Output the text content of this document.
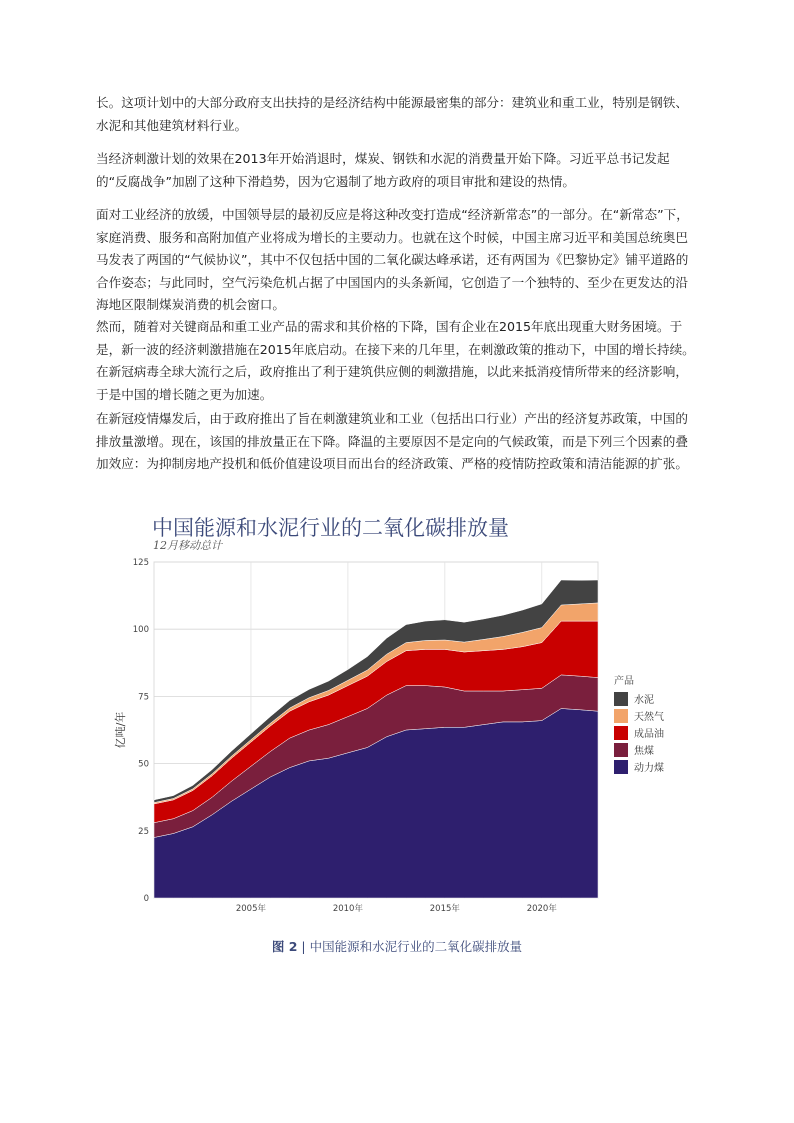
长。这项计划中的大部分政府支出扶持的是经济结构中能源最密集的部分：建筑业和重工业，特别是钢铁、水泥和其他建筑材料行业。

当经济刺激计划的效果在2013年开始消退时，煤炭、钢铁和水泥的消费量开始下降。习近平总书记发起的“反腐战争”加剧了这种下滑趋势，因为它遏制了地方政府的项目审批和建设的热情。

面对工业经济的放缓，中国领导层的最初反应是将这种改变打造成“经济新常态”的一部分。在“新常态”下，家庭消费、服务和高附加值产业将成为增长的主要动力。也就在这个时候，中国主席习近平和美国总统奥巴马发表了两国的“气候协议”，其中不仅包括中国的二氧化碳达峰承诺，还有两国为《巴黎协定》铺平道路的合作姿态；与此同时，空气污染危机占据了中国国内的头条新闻，它创造了一个独特的、至少在更发达的沿海地区限制煤炭消费的机会窗口。

然而，随着对关键商品和重工业产品的需求和其价格的下降，国有企业在2015年底出现重大财务困境。于是，新一波的经济刺激措施在2015年底启动。在接下来的几年里，在刺激政策的推动下，中国的增长持续。在新冠病毒全球大流行之后，政府推出了利于建筑供应侧的刺激措施，以此来抵消疫情所带来的经济影响，于是中国的增长随之更为加速。

在新冠疫情爆发后，由于政府推出了旨在刺激建筑业和工业（包括出口行业）产出的经济复苏政策，中国的排放量激增。现在，该国的排放量正在下降。降温的主要原因不是定向的气候政策，而是下列三个因素的叠加效应：为抑制房地产投机和低价值建设项目而出台的经济政策、严格的疫情防控政策和清洁能源的扩张。

中国能源和水泥行业的二氧化碳排放量
12月移动总计
0
25
50
75
100
125
2005年	2010年	2015年	2020年
亿吨/年
产品
水泥
天然气
成品油
焦煤
动力煤
图 2 | 中国能源和水泥行业的二氧化碳排放量
